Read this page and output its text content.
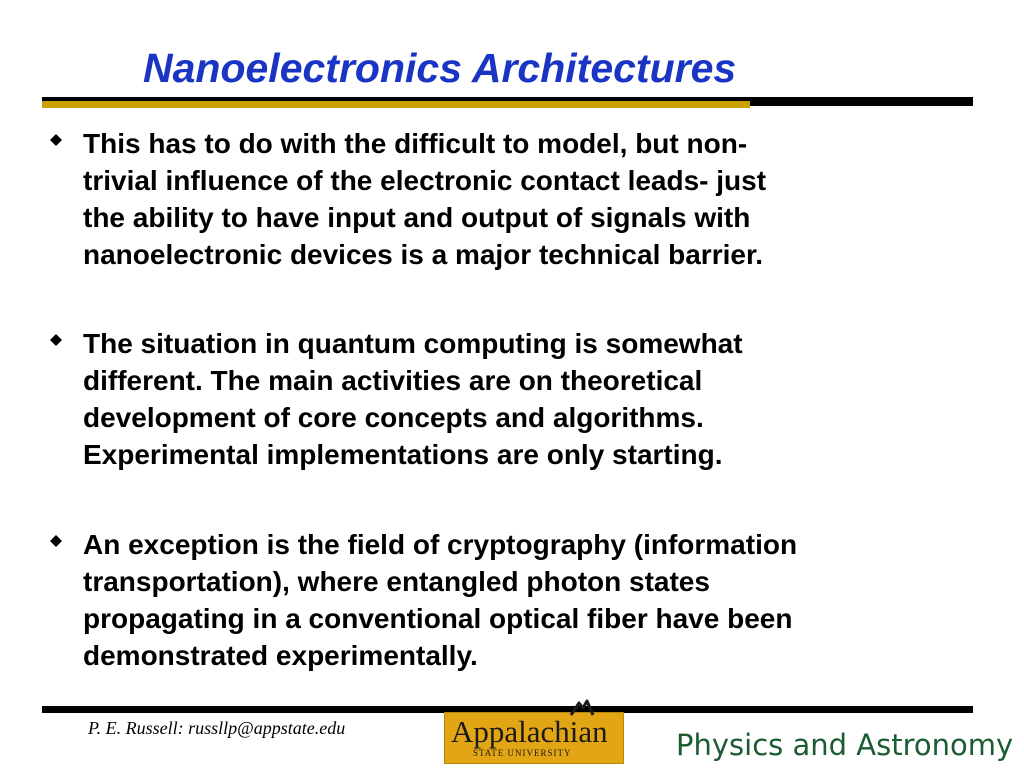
Nanoelectronics Architectures
This has to do with the difficult to model, but non-
trivial influence of the electronic contact leads- just
the ability to have input and output of signals with
nanoelectronic devices is a major technical barrier.
The situation in quantum computing is somewhat
different. The main activities are on theoretical
development of core concepts and algorithms.
Experimental implementations are only starting.
An exception is the field of cryptography (information
transportation), where entangled photon states
propagating in a conventional optical fiber have been
demonstrated experimentally.
P. E. Russell: russllp@appstate.edu	Appalachian
STATE UNIVERSITY	Physics and Astronomy
